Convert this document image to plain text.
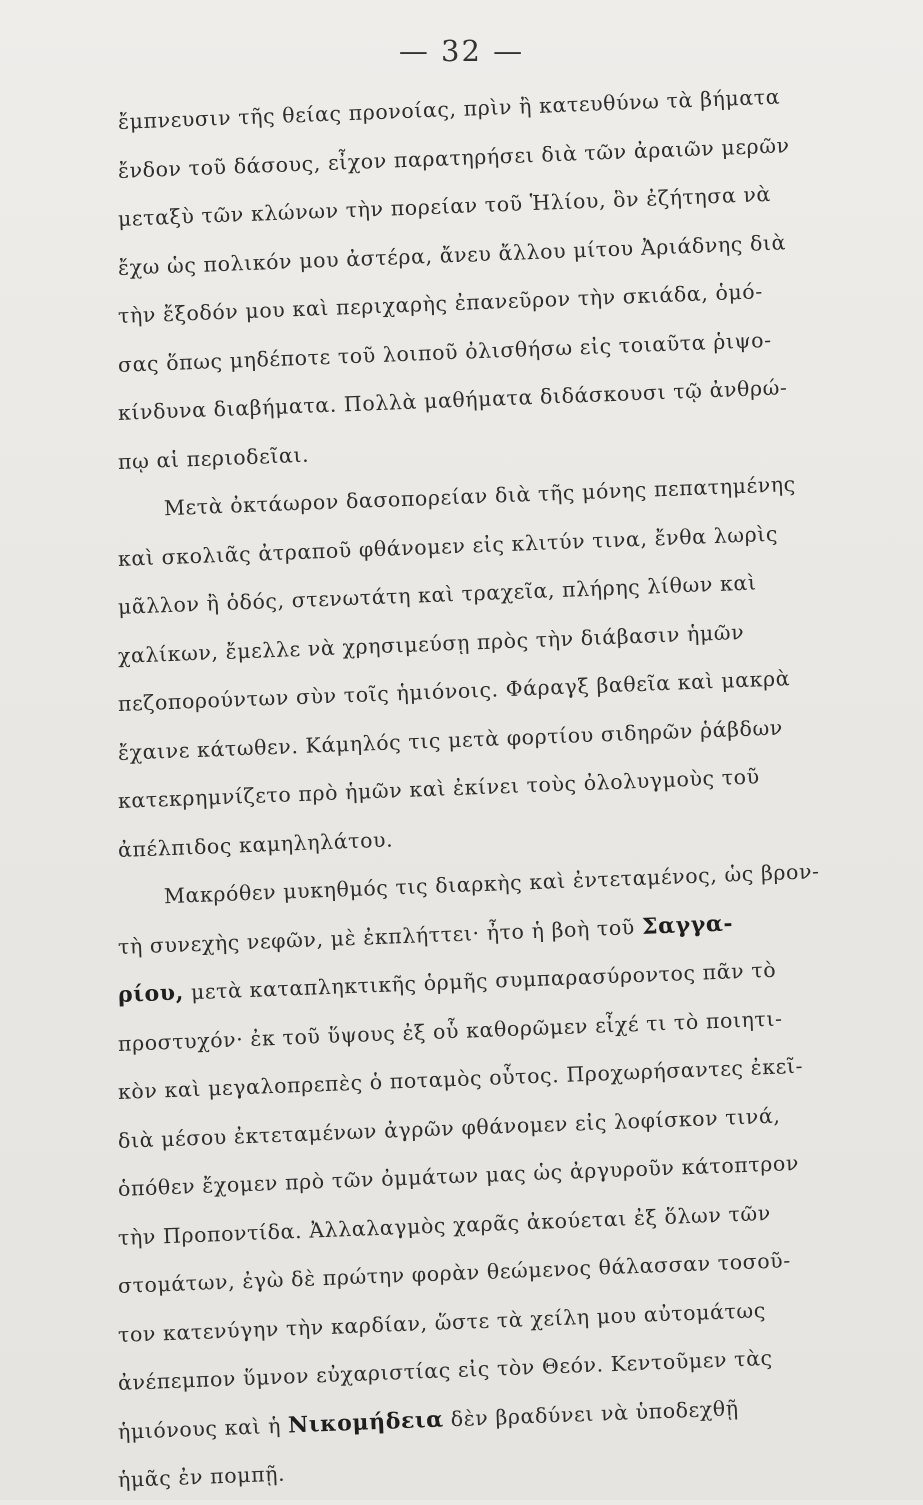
— 32 —
ἔμπνευσιν τῆς θείας προνοίας, πρὶν ἢ κατευθύνω τὰ βήματα
ἔνδον τοῦ δάσους, εἶχον παρατηρήσει διὰ τῶν ἀραιῶν μερῶν
μεταξὺ τῶν κλώνων τὴν πορείαν τοῦ Ἡλίου, ὃν ἐζήτησα νὰ
ἔχω ὡς πολικόν μου ἀστέρα, ἄνευ ἄλλου μίτου Ἀριάδνης διὰ
τὴν ἔξοδόν μου καὶ περιχαρὴς ἐπανεῦρον τὴν σκιάδα, ὁμό-
σας ὅπως μηδέποτε τοῦ λοιποῦ ὀλισθήσω εἰς τοιαῦτα ῥιψο-
κίνδυνα διαβήματα. Πολλὰ μαθήματα διδάσκουσι τῷ ἀνθρώ-
πῳ αἱ περιοδεῖαι.
Μετὰ ὀκτάωρον δασοπορείαν διὰ τῆς μόνης πεπατημένης
καὶ σκολιᾶς ἀτραποῦ φθάνομεν εἰς κλιτύν τινα, ἔνθα λωρὶς
μᾶλλον ἢ ὁδός, στενωτάτη καὶ τραχεῖα, πλήρης λίθων καὶ
χαλίκων, ἔμελλε νὰ χρησιμεύσῃ πρὸς τὴν διάβασιν ἡμῶν
πεζοπορούντων σὺν τοῖς ἡμιόνοις. Φάραγξ βαθεῖα καὶ μακρὰ
ἔχαινε κάτωθεν. Κάμηλός τις μετὰ φορτίου σιδηρῶν ῥάβδων
κατεκρημνίζετο πρὸ ἡμῶν καὶ ἐκίνει τοὺς ὀλολυγμοὺς τοῦ
ἀπέλπιδος καμηληλάτου.
Μακρόθεν μυκηθμός τις διαρκὴς καὶ ἐντεταμένος, ὡς βρον-
τὴ συνεχὴς νεφῶν, μὲ ἐκπλήττει· ἦτο ἡ βοὴ τοῦ Σαγγα-
ρίου, μετὰ καταπληκτικῆς ὁρμῆς συμπαρασύροντος πᾶν τὸ
προστυχόν· ἐκ τοῦ ὕψους ἐξ οὗ καθορῶμεν εἶχέ τι τὸ ποιητι-
κὸν καὶ μεγαλοπρεπὲς ὁ ποταμὸς οὗτος. Προχωρήσαντες ἐκεῖ-
διὰ μέσου ἐκτεταμένων ἀγρῶν φθάνομεν εἰς λοφίσκον τινά,
ὁπόθεν ἔχομεν πρὸ τῶν ὀμμάτων μας ὡς ἀργυροῦν κάτοπτρον
τὴν Προποντίδα. Ἀλλαλαγμὸς χαρᾶς ἀκούεται ἐξ ὅλων τῶν
στομάτων, ἐγὼ δὲ πρώτην φορὰν θεώμενος θάλασσαν τοσοῦ-
τον κατενύγην τὴν καρδίαν, ὥστε τὰ χείλη μου αὐτομάτως
ἀνέπεμπον ὕμνον εὐχαριστίας εἰς τὸν Θεόν. Κεντοῦμεν τὰς
ἡμιόνους καὶ ἡ Νικομήδεια δὲν βραδύνει νὰ ὑποδεχθῇ
ἡμᾶς ἐν πομπῇ.
